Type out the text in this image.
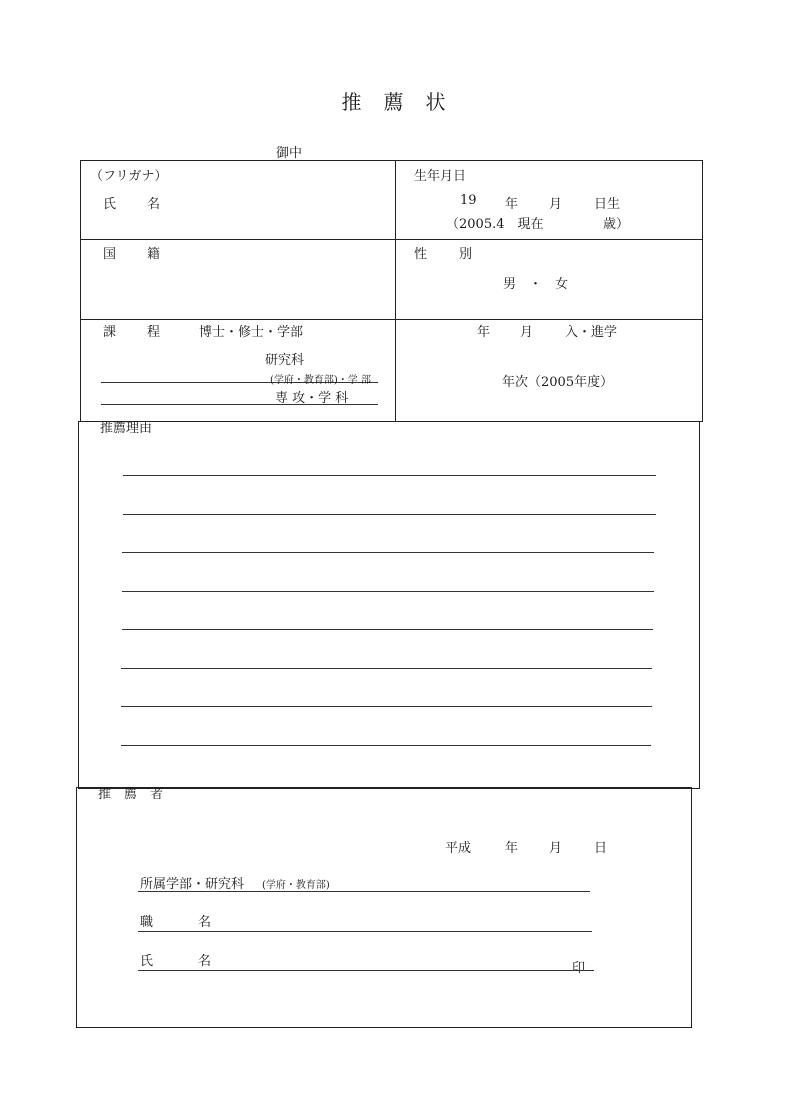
推薦状
御中
（フリガナ）
氏 名
生年月日
19 年 月 日生
（2005.4　現在	歳）
国 籍	性 別
男　・　女
課 程	博士・修士・学部
研究科
(学府・教育部)・学 部
専 攻・学 科
年 月 入・進学
年次（2005年度）
推薦理由
推　薦　者
平成	年 月 日
所属学部・研究科 (学府・教育部)
職	名
氏	名	印
